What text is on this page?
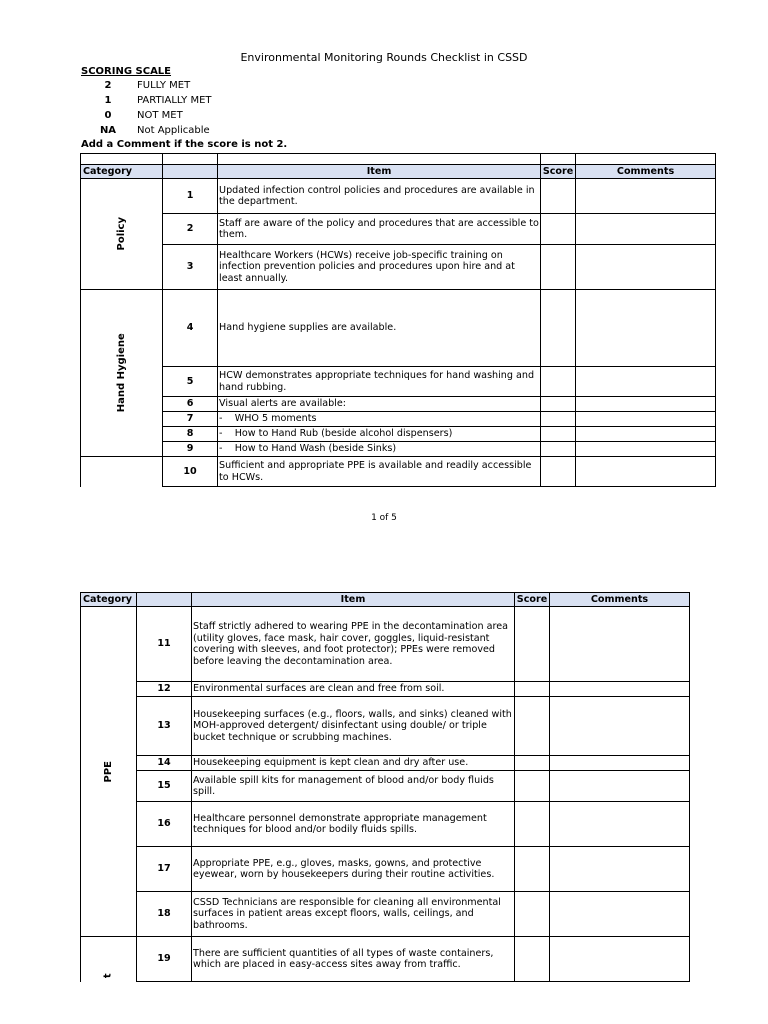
Environmental Monitoring Rounds Checklist in CSSD
SCORING SCALE
2	FULLY MET
1	PARTIALLY MET
0	NOT MET
NA	Not Applicable
Add a Comment if the score is not 2.

Category		Item	Score	Comments
Policy	1	Updated infection control policies and procedures are available in the department.		
	2	Staff are aware of the policy and procedures that are accessible to them.		
	3	Healthcare Workers (HCWs) receive job-specific training on infection prevention policies and procedures upon hire and at least annually.		
Hand Hygiene	4	Hand hygiene supplies are available.		
	5	HCW demonstrates appropriate techniques for hand washing and hand rubbing.		
	6	Visual alerts are available:		
	7	-    WHO 5 moments		
	8	-    How to Hand Rub (beside alcohol dispensers)		
	9	-    How to Hand Wash (beside Sinks)		
	10	Sufficient and appropriate PPE is available and readily accessible to HCWs.		
1 of 5
Category		Item	Score	Comments
PPE	11	Staff strictly adhered to wearing PPE in the decontamination area (utility gloves, face mask, hair cover, goggles, liquid-resistant covering with sleeves, and foot protector); PPEs were removed before leaving the decontamination area.		
	12	Environmental surfaces are clean and free from soil.		
	13	Housekeeping surfaces (e.g., floors, walls, and sinks) cleaned with MOH-approved detergent/ disinfectant using double/ or triple bucket technique or scrubbing machines.		
	14	Housekeeping equipment is kept clean and dry after use.		
	15	Available spill kits for management of blood and/or body fluids spill.		
	16	Healthcare personnel demonstrate appropriate management techniques for blood and/or bodily fluids spills.		
	17	Appropriate PPE, e.g., gloves, masks, gowns, and protective eyewear, worn by housekeepers during their routine activities.		
	18	CSSD Technicians are responsible for cleaning all environmental surfaces in patient areas except floors, walls, ceilings, and bathrooms.		
t	19	There are sufficient quantities of all types of waste containers, which are placed in easy-access sites away from traffic.		
